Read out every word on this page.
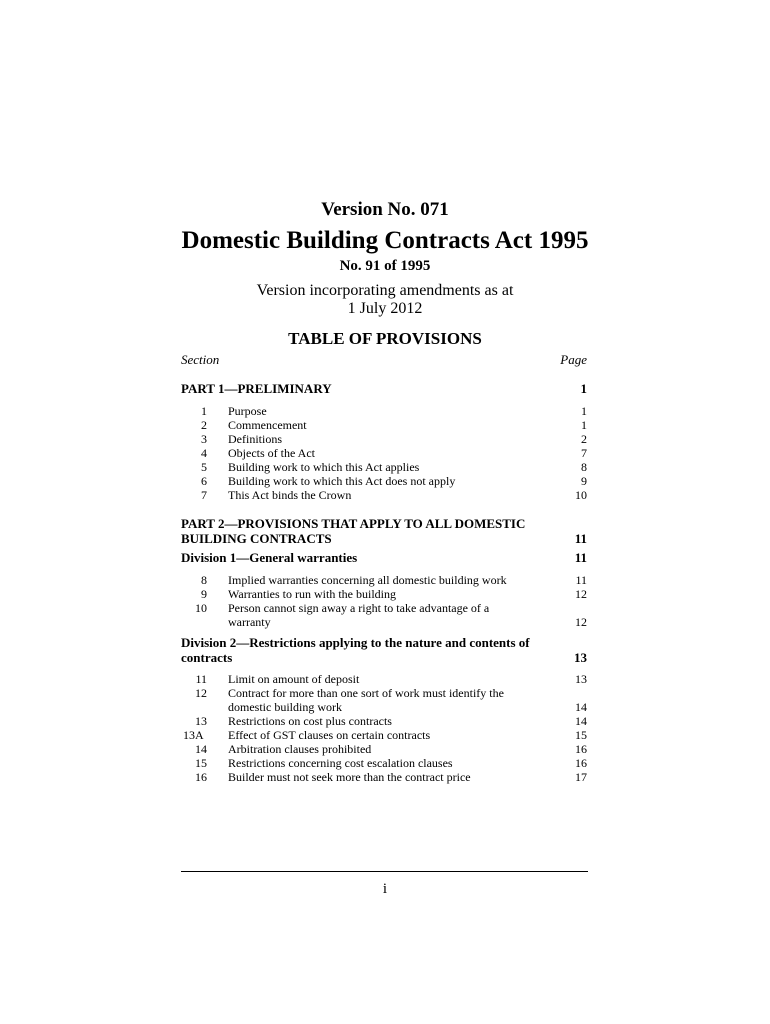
Version No. 071
Domestic Building Contracts Act 1995
No. 91 of 1995
Version incorporating amendments as at
1 July 2012
TABLE OF PROVISIONS
Section	Page
PART 1—PRELIMINARY	1
1 Purpose	1
2 Commencement	1
3 Definitions	2
4 Objects of the Act	7
5 Building work to which this Act applies	8
6 Building work to which this Act does not apply	9
7 This Act binds the Crown	10
PART 2—PROVISIONS THAT APPLY TO ALL DOMESTIC BUILDING CONTRACTS	11
Division 1—General warranties	11
8 Implied warranties concerning all domestic building work	11
9 Warranties to run with the building	12
10 Person cannot sign away a right to take advantage of a warranty	12
Division 2—Restrictions applying to the nature and contents of contracts	13
11 Limit on amount of deposit	13
12 Contract for more than one sort of work must identify the domestic building work	14
13 Restrictions on cost plus contracts	14
13A	Effect of GST clauses on certain contracts	15
14 Arbitration clauses prohibited	16
15 Restrictions concerning cost escalation clauses	16
16 Builder must not seek more than the contract price	17
i
